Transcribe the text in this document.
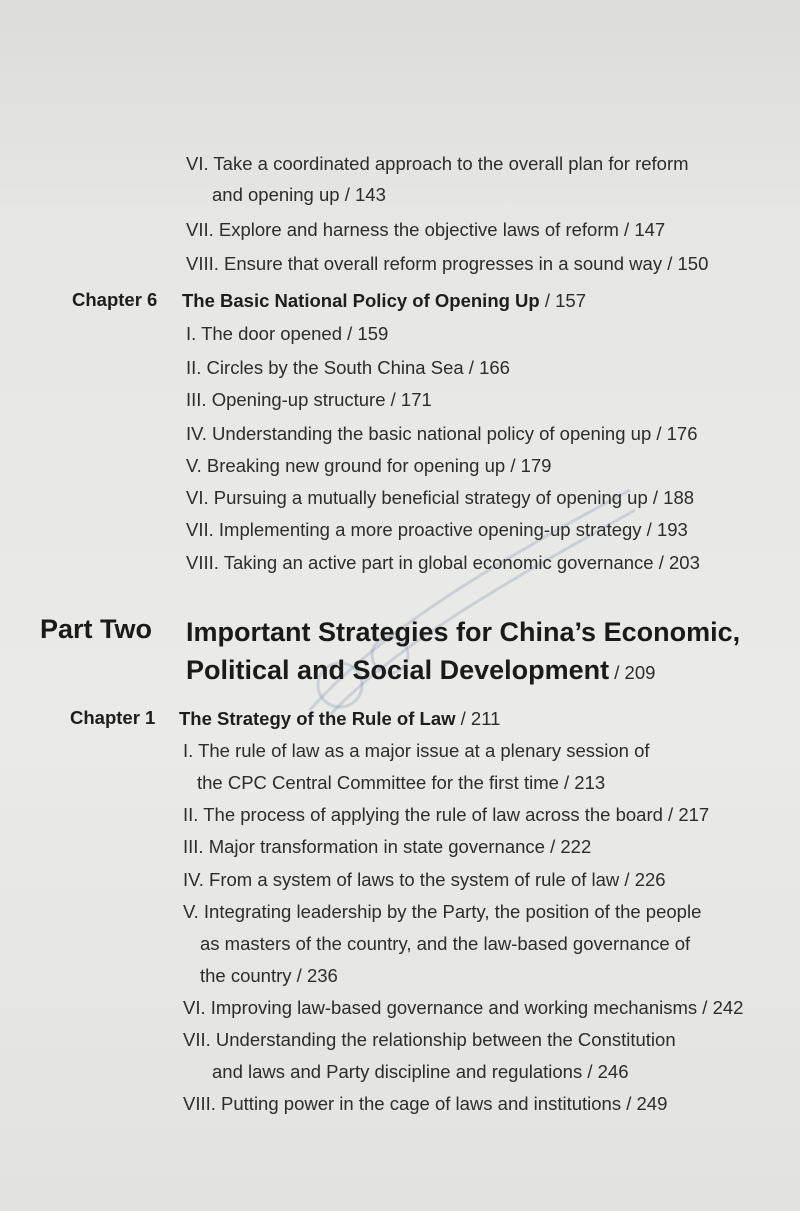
VI. Take a coordinated approach to the overall plan for reform
and opening up / 143
VII. Explore and harness the objective laws of reform / 147
VIII. Ensure that overall reform progresses in a sound way / 150
Chapter 6 The Basic National Policy of Opening Up / 157
I. The door opened / 159
II. Circles by the South China Sea / 166
III. Opening-up structure / 171
IV. Understanding the basic national policy of opening up / 176
V. Breaking new ground for opening up / 179
VI. Pursuing a mutually beneficial strategy of opening up / 188
VII. Implementing a more proactive opening-up strategy / 193
VIII. Taking an active part in global economic governance / 203
Part Two Important Strategies for China’s Economic,
Political and Social Development / 209
Chapter 1 The Strategy of the Rule of Law / 211
I. The rule of law as a major issue at a plenary session of
the CPC Central Committee for the first time / 213
II. The process of applying the rule of law across the board / 217
III. Major transformation in state governance / 222
IV. From a system of laws to the system of rule of law / 226
V. Integrating leadership by the Party, the position of the people
as masters of the country, and the law-based governance of
the country / 236
VI. Improving law-based governance and working mechanisms / 242
VII. Understanding the relationship between the Constitution
and laws and Party discipline and regulations / 246
VIII. Putting power in the cage of laws and institutions / 249
